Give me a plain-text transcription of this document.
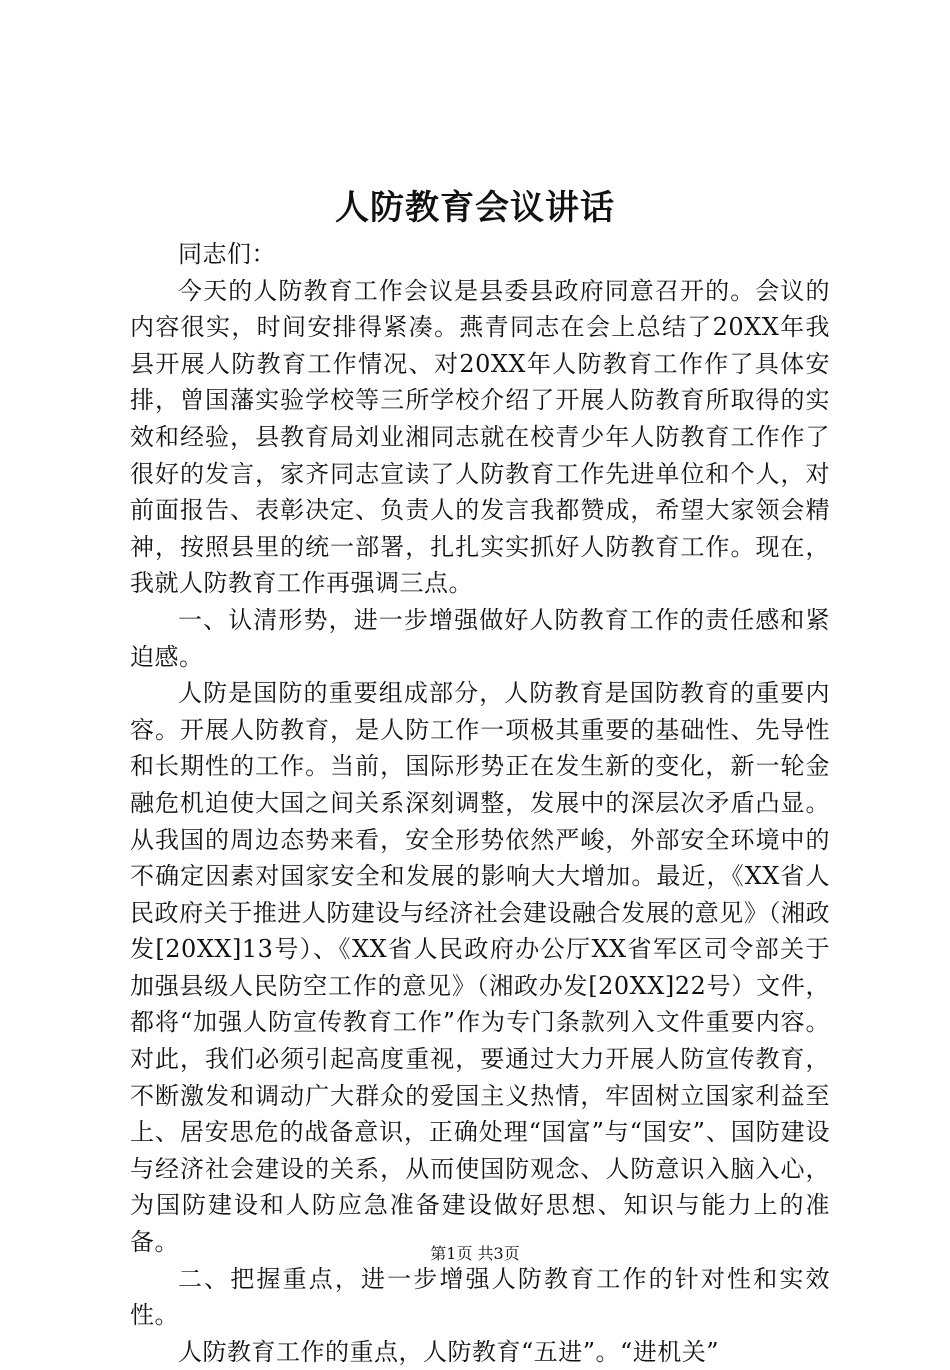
人防教育会议讲话

同志们：

今天的人防教育工作会议是县委县政府同意召开的。会议的内容很实，时间安排得紧凑。燕青同志在会上总结了20XX年我县开展人防教育工作情况、对20XX年人防教育工作作了具体安排，曾国藩实验学校等三所学校介绍了开展人防教育所取得的实效和经验，县教育局刘业湘同志就在校青少年人防教育工作作了很好的发言，家齐同志宣读了人防教育工作先进单位和个人，对前面报告、表彰决定、负责人的发言我都赞成，希望大家领会精神，按照县里的统一部署，扎扎实实抓好人防教育工作。现在，我就人防教育工作再强调三点。

一、认清形势，进一步增强做好人防教育工作的责任感和紧迫感。

人防是国防的重要组成部分，人防教育是国防教育的重要内容。开展人防教育，是人防工作一项极其重要的基础性、先导性和长期性的工作。当前，国际形势正在发生新的变化，新一轮金融危机迫使大国之间关系深刻调整，发展中的深层次矛盾凸显。从我国的周边态势来看，安全形势依然严峻，外部安全环境中的不确定因素对国家安全和发展的影响大大增加。最近，《XX省人民政府关于推进人防建设与经济社会建设融合发展的意见》（湘政发[20XX]13号）、《XX省人民政府办公厅XX省军区司令部关于加强县级人民防空工作的意见》（湘政办发[20XX]22号）文件，都将“加强人防宣传教育工作”作为专门条款列入文件重要内容。对此，我们必须引起高度重视，要通过大力开展人防宣传教育，不断激发和调动广大群众的爱国主义热情，牢固树立国家利益至上、居安思危的战备意识，正确处理“国富”与“国安”、国防建设与经济社会建设的关系，从而使国防观念、人防意识入脑入心，为国防建设和人防应急准备建设做好思想、知识与能力上的准备。

二、把握重点，进一步增强人防教育工作的针对性和实效性。

人防教育工作的重点，人防教育“五进”。“进机关”

第1页 共3页
